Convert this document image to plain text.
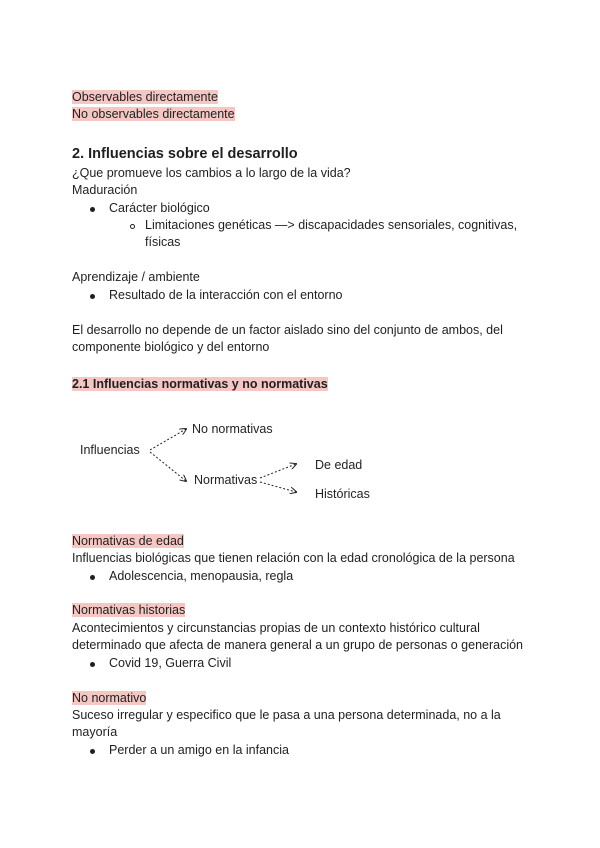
Observables directamente
No observables directamente
2. Influencias sobre el desarrollo
¿Que promueve los cambios a lo largo de la vida?
Maduración
Carácter biológico
Limitaciones genéticas —> discapacidades sensoriales, cognitivas,
físicas
Aprendizaje / ambiente
Resultado de la interacción con el entorno
El desarrollo no depende de un factor aislado sino del conjunto de ambos, del
componente biológico y del entorno
2.1 Influencias normativas y no normativas
Influencias
No normativas
Normativas
De edad
Históricas
Normativas de edad
Influencias biológicas que tienen relación con la edad cronológica de la persona
Adolescencia, menopausia, regla
Normativas historias
Acontecimientos y circunstancias propias de un contexto histórico cultural
determinado que afecta de manera general a un grupo de personas o generación
Covid 19, Guerra Civil
No normativo
Suceso irregular y especifico que le pasa a una persona determinada, no a la
mayoría
Perder a un amigo en la infancia
